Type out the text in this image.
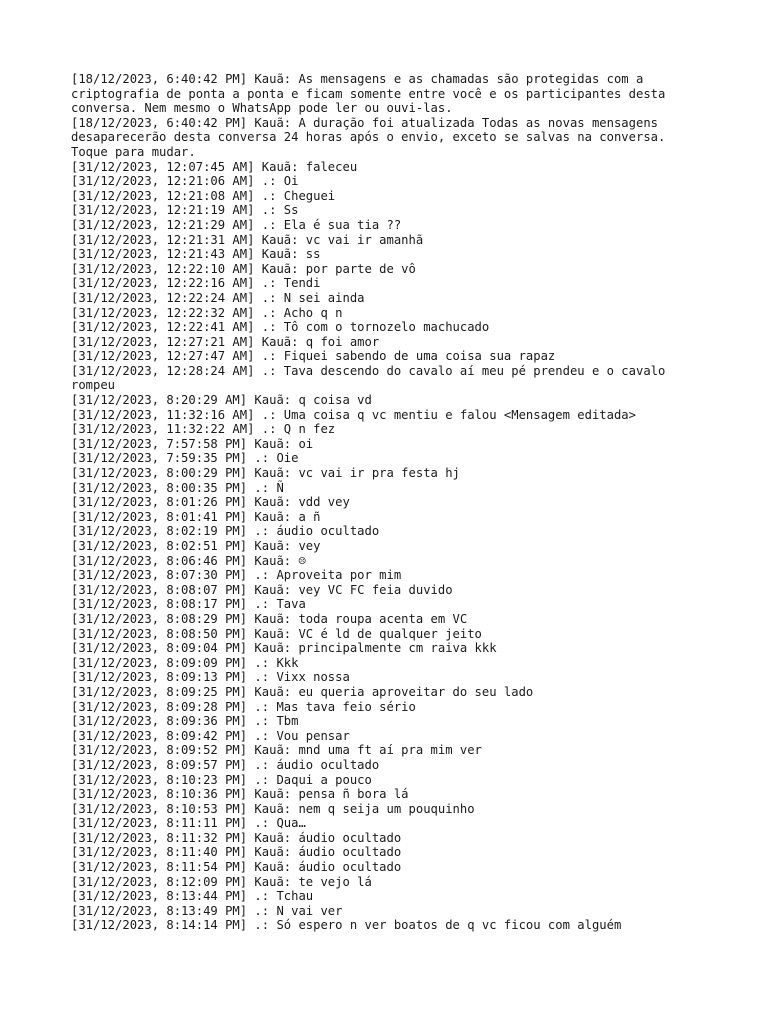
[18/12/2023, 6:40:42 PM] Kauã: As mensagens e as chamadas são protegidas com a criptografia de ponta a ponta e ficam somente entre você e os participantes desta conversa. Nem mesmo o WhatsApp pode ler ou ouvi-las.

[18/12/2023, 6:40:42 PM] Kauã: A duração foi atualizada Todas as novas mensagens desaparecerão desta conversa 24 horas após o envio, exceto se salvas na conversa. Toque para mudar.

[31/12/2023, 12:07:45 AM] Kauã: faleceu

[31/12/2023, 12:21:06 AM] .: Oi

[31/12/2023, 12:21:08 AM] .: Cheguei

[31/12/2023, 12:21:19 AM] .: Ss

[31/12/2023, 12:21:29 AM] .: Ela é sua tia ??

[31/12/2023, 12:21:31 AM] Kauã: vc vai ir amanhã

[31/12/2023, 12:21:43 AM] Kauã: ss

[31/12/2023, 12:22:10 AM] Kauã: por parte de vô

[31/12/2023, 12:22:16 AM] .: Tendi

[31/12/2023, 12:22:24 AM] .: N sei ainda

[31/12/2023, 12:22:32 AM] .: Acho q n

[31/12/2023, 12:22:41 AM] .: Tô com o tornozelo machucado

[31/12/2023, 12:27:21 AM] Kauã: q foi amor

[31/12/2023, 12:27:47 AM] .: Fiquei sabendo de uma coisa sua rapaz

[31/12/2023, 12:28:24 AM] .: Tava descendo do cavalo aí meu pé prendeu e o cavalo rompeu

[31/12/2023, 8:20:29 AM] Kauã: q coisa vd

[31/12/2023, 11:32:16 AM] .: Uma coisa q vc mentiu e falou <Mensagem editada>

[31/12/2023, 11:32:22 AM] .: Q n fez

[31/12/2023, 7:57:58 PM] Kauã: oi

[31/12/2023, 7:59:35 PM] .: Oie

[31/12/2023, 8:00:29 PM] Kauã: vc vai ir pra festa hj

[31/12/2023, 8:00:35 PM] .: Ñ

[31/12/2023, 8:01:26 PM] Kauã: vdd vey

[31/12/2023, 8:01:41 PM] Kauã: a ñ

[31/12/2023, 8:02:19 PM] .: áudio ocultado

[31/12/2023, 8:02:51 PM] Kauã: vey

[31/12/2023, 8:06:46 PM] Kauã: ☹

[31/12/2023, 8:07:30 PM] .: Aproveita por mim

[31/12/2023, 8:08:07 PM] Kauã: vey VC FC feia duvido

[31/12/2023, 8:08:17 PM] .: Tava

[31/12/2023, 8:08:29 PM] Kauã: toda roupa acenta em VC

[31/12/2023, 8:08:50 PM] Kauã: VC é ld de qualquer jeito

[31/12/2023, 8:09:04 PM] Kauã: principalmente cm raiva kkk

[31/12/2023, 8:09:09 PM] .: Kkk

[31/12/2023, 8:09:13 PM] .: Vixx nossa

[31/12/2023, 8:09:25 PM] Kauã: eu queria aproveitar do seu lado

[31/12/2023, 8:09:28 PM] .: Mas tava feio sério

[31/12/2023, 8:09:36 PM] .: Tbm

[31/12/2023, 8:09:42 PM] .: Vou pensar

[31/12/2023, 8:09:52 PM] Kauã: mnd uma ft aí pra mim ver

[31/12/2023, 8:09:57 PM] .: áudio ocultado

[31/12/2023, 8:10:23 PM] .: Daqui a pouco

[31/12/2023, 8:10:36 PM] Kauã: pensa ñ bora lá

[31/12/2023, 8:10:53 PM] Kauã: nem q seija um pouquinho

[31/12/2023, 8:11:11 PM] .: Qua…

[31/12/2023, 8:11:32 PM] Kauã: áudio ocultado

[31/12/2023, 8:11:40 PM] Kauã: áudio ocultado

[31/12/2023, 8:11:54 PM] Kauã: áudio ocultado

[31/12/2023, 8:12:09 PM] Kauã: te vejo lá

[31/12/2023, 8:13:44 PM] .: Tchau

[31/12/2023, 8:13:49 PM] .: N vai ver

[31/12/2023, 8:14:14 PM] .: Só espero n ver boatos de q vc ficou com alguém
